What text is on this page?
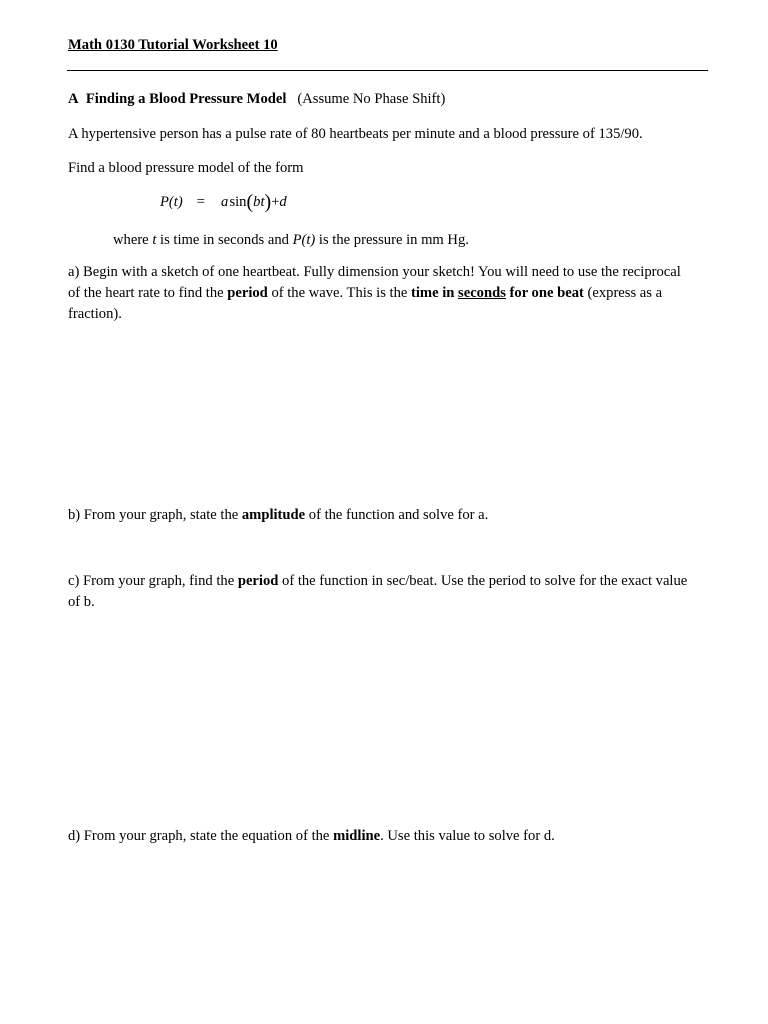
Math 0130 Tutorial Worksheet 10
A Finding a Blood Pressure Model (Assume No Phase Shift)
A hypertensive person has a pulse rate of 80 heartbeats per minute and a blood pressure of 135/90.
Find a blood pressure model of the form
P(t) = a sin(bt)+d
where t is time in seconds and P(t) is the pressure in mm Hg.
a) Begin with a sketch of one heartbeat. Fully dimension your sketch! You will need to use the reciprocal of the heart rate to find the period of the wave. This is the time in seconds for one beat (express as a fraction).
b) From your graph, state the amplitude of the function and solve for a.
c) From your graph, find the period of the function in sec/beat. Use the period to solve for the exact value of b.
d) From your graph, state the equation of the midline. Use this value to solve for d.
